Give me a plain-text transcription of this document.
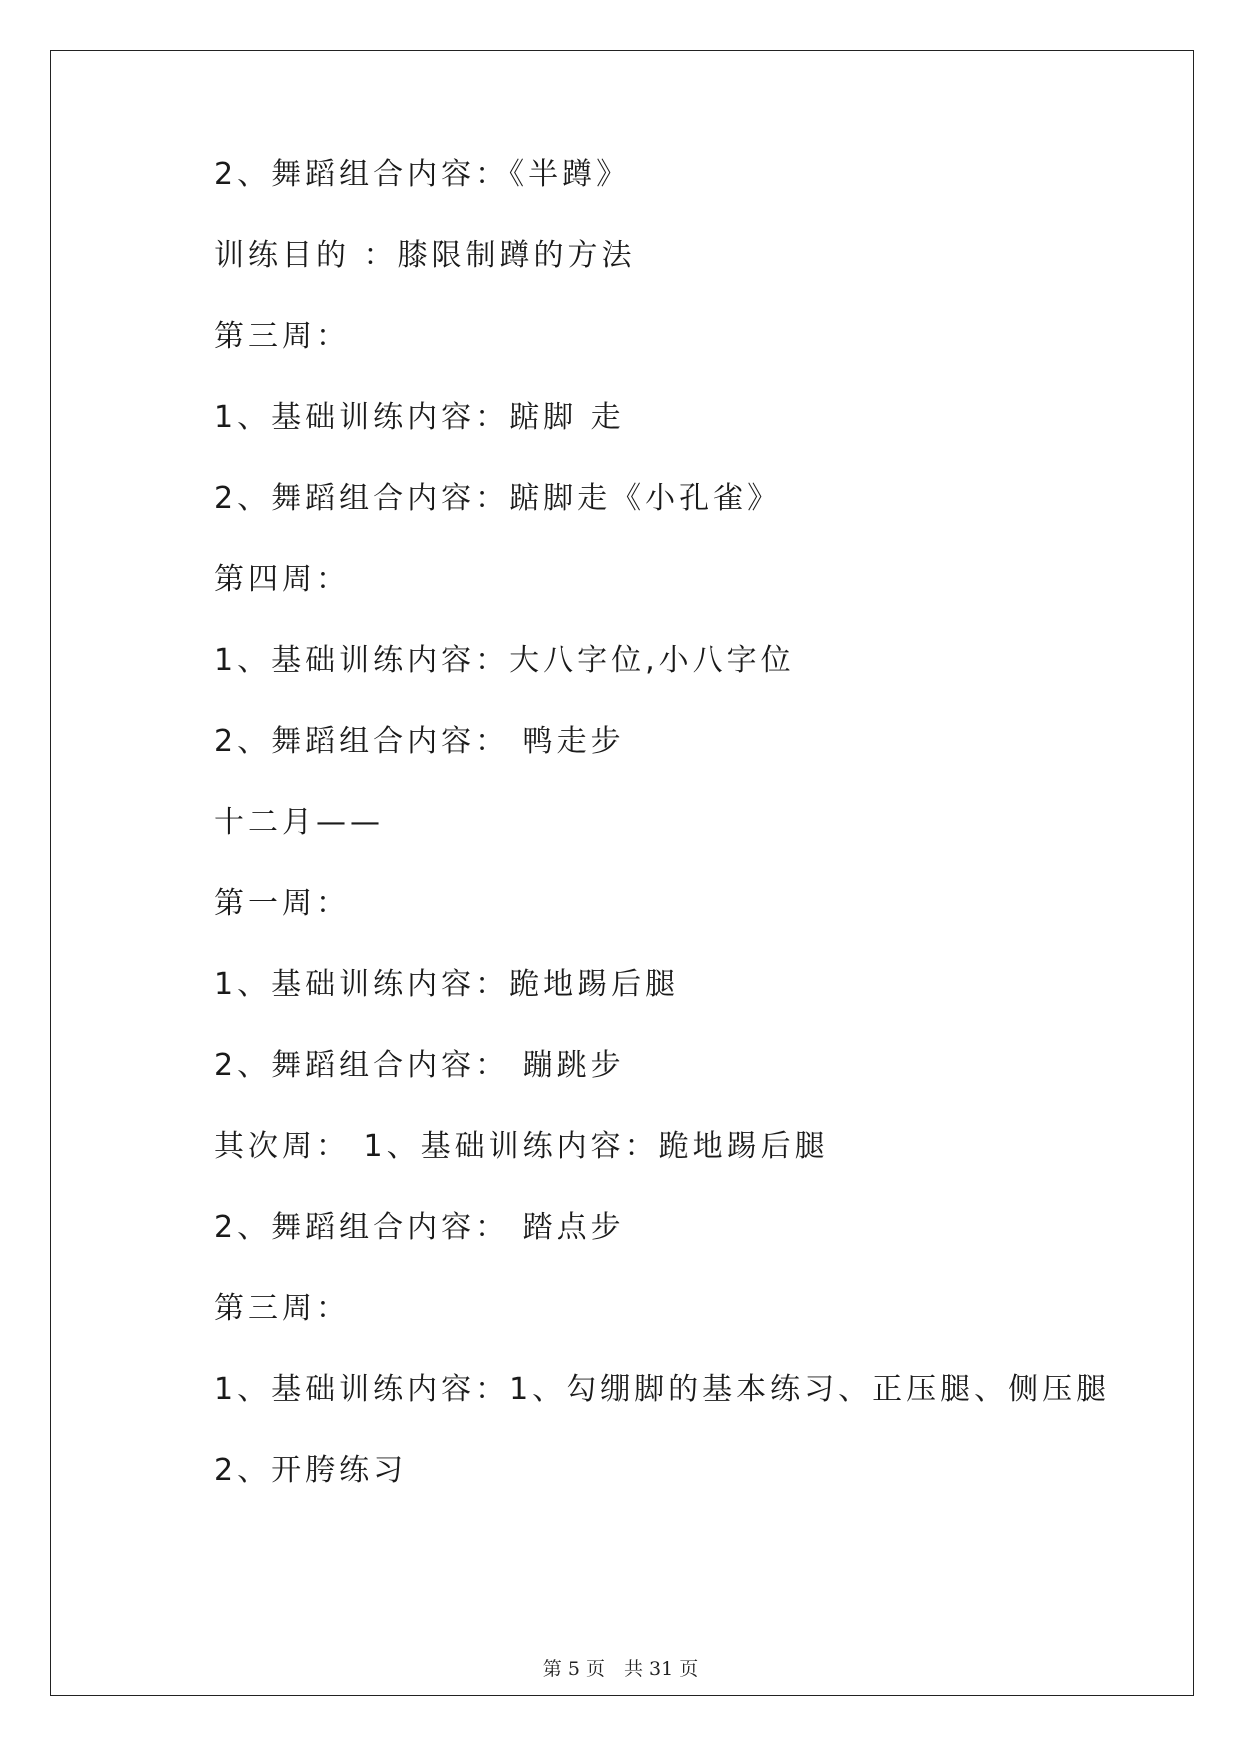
2、舞蹈组合内容：《半蹲》
训练目的 ：膝限制蹲的方法
第三周：
1、基础训练内容：踮脚 走
2、舞蹈组合内容：踮脚走《小孔雀》
第四周：
1、基础训练内容：大八字位,小八字位
2、舞蹈组合内容： 鸭走步
十二月——
第一周：
1、基础训练内容：跪地踢后腿
2、舞蹈组合内容： 蹦跳步
其次周： 1、基础训练内容：跪地踢后腿
2、舞蹈组合内容： 踏点步
第三周：
1、基础训练内容：1、勾绷脚的基本练习、正压腿、侧压腿
2、开胯练习
第 5 页　共 31 页
